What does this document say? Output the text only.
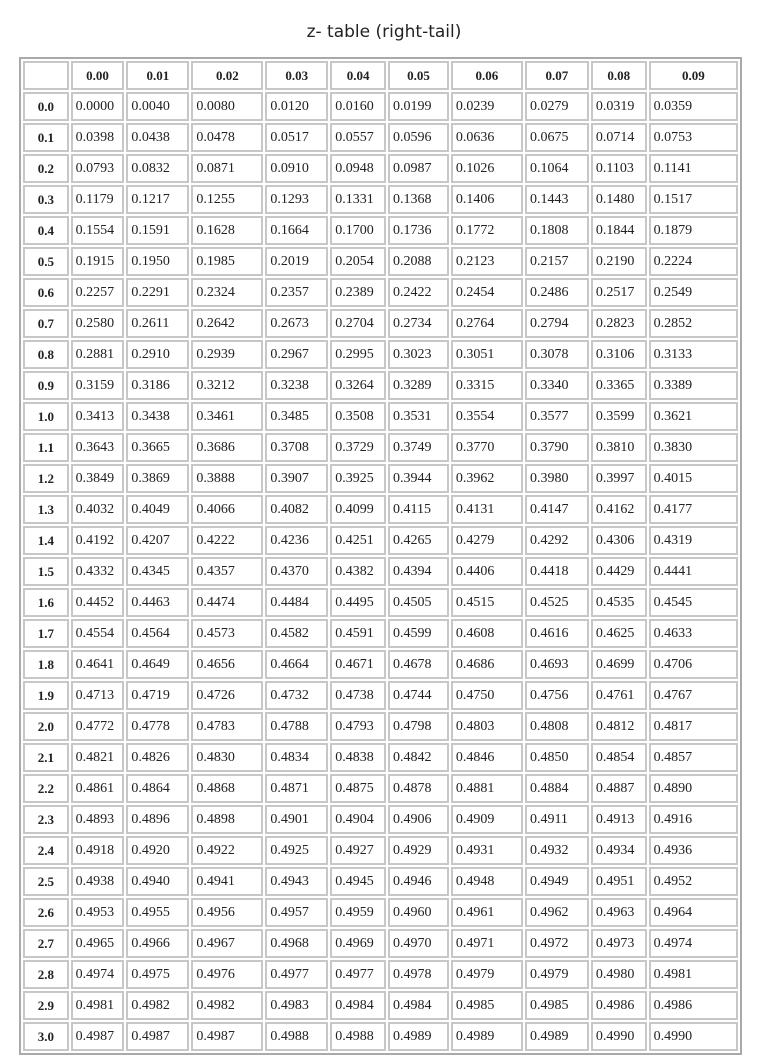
z- table (right-tail)
	0.00	0.01	0.02	0.03	0.04	0.05	0.06	0.07	0.08	0.09
0.0	0.0000	0.0040	0.0080	0.0120	0.0160	0.0199	0.0239	0.0279	0.0319	0.0359
0.1	0.0398	0.0438	0.0478	0.0517	0.0557	0.0596	0.0636	0.0675	0.0714	0.0753
0.2	0.0793	0.0832	0.0871	0.0910	0.0948	0.0987	0.1026	0.1064	0.1103	0.1141
0.3	0.1179	0.1217	0.1255	0.1293	0.1331	0.1368	0.1406	0.1443	0.1480	0.1517
0.4	0.1554	0.1591	0.1628	0.1664	0.1700	0.1736	0.1772	0.1808	0.1844	0.1879
0.5	0.1915	0.1950	0.1985	0.2019	0.2054	0.2088	0.2123	0.2157	0.2190	0.2224
0.6	0.2257	0.2291	0.2324	0.2357	0.2389	0.2422	0.2454	0.2486	0.2517	0.2549
0.7	0.2580	0.2611	0.2642	0.2673	0.2704	0.2734	0.2764	0.2794	0.2823	0.2852
0.8	0.2881	0.2910	0.2939	0.2967	0.2995	0.3023	0.3051	0.3078	0.3106	0.3133
0.9	0.3159	0.3186	0.3212	0.3238	0.3264	0.3289	0.3315	0.3340	0.3365	0.3389
1.0	0.3413	0.3438	0.3461	0.3485	0.3508	0.3531	0.3554	0.3577	0.3599	0.3621
1.1	0.3643	0.3665	0.3686	0.3708	0.3729	0.3749	0.3770	0.3790	0.3810	0.3830
1.2	0.3849	0.3869	0.3888	0.3907	0.3925	0.3944	0.3962	0.3980	0.3997	0.4015
1.3	0.4032	0.4049	0.4066	0.4082	0.4099	0.4115	0.4131	0.4147	0.4162	0.4177
1.4	0.4192	0.4207	0.4222	0.4236	0.4251	0.4265	0.4279	0.4292	0.4306	0.4319
1.5	0.4332	0.4345	0.4357	0.4370	0.4382	0.4394	0.4406	0.4418	0.4429	0.4441
1.6	0.4452	0.4463	0.4474	0.4484	0.4495	0.4505	0.4515	0.4525	0.4535	0.4545
1.7	0.4554	0.4564	0.4573	0.4582	0.4591	0.4599	0.4608	0.4616	0.4625	0.4633
1.8	0.4641	0.4649	0.4656	0.4664	0.4671	0.4678	0.4686	0.4693	0.4699	0.4706
1.9	0.4713	0.4719	0.4726	0.4732	0.4738	0.4744	0.4750	0.4756	0.4761	0.4767
2.0	0.4772	0.4778	0.4783	0.4788	0.4793	0.4798	0.4803	0.4808	0.4812	0.4817
2.1	0.4821	0.4826	0.4830	0.4834	0.4838	0.4842	0.4846	0.4850	0.4854	0.4857
2.2	0.4861	0.4864	0.4868	0.4871	0.4875	0.4878	0.4881	0.4884	0.4887	0.4890
2.3	0.4893	0.4896	0.4898	0.4901	0.4904	0.4906	0.4909	0.4911	0.4913	0.4916
2.4	0.4918	0.4920	0.4922	0.4925	0.4927	0.4929	0.4931	0.4932	0.4934	0.4936
2.5	0.4938	0.4940	0.4941	0.4943	0.4945	0.4946	0.4948	0.4949	0.4951	0.4952
2.6	0.4953	0.4955	0.4956	0.4957	0.4959	0.4960	0.4961	0.4962	0.4963	0.4964
2.7	0.4965	0.4966	0.4967	0.4968	0.4969	0.4970	0.4971	0.4972	0.4973	0.4974
2.8	0.4974	0.4975	0.4976	0.4977	0.4977	0.4978	0.4979	0.4979	0.4980	0.4981
2.9	0.4981	0.4982	0.4982	0.4983	0.4984	0.4984	0.4985	0.4985	0.4986	0.4986
3.0	0.4987	0.4987	0.4987	0.4988	0.4988	0.4989	0.4989	0.4989	0.4990	0.4990
